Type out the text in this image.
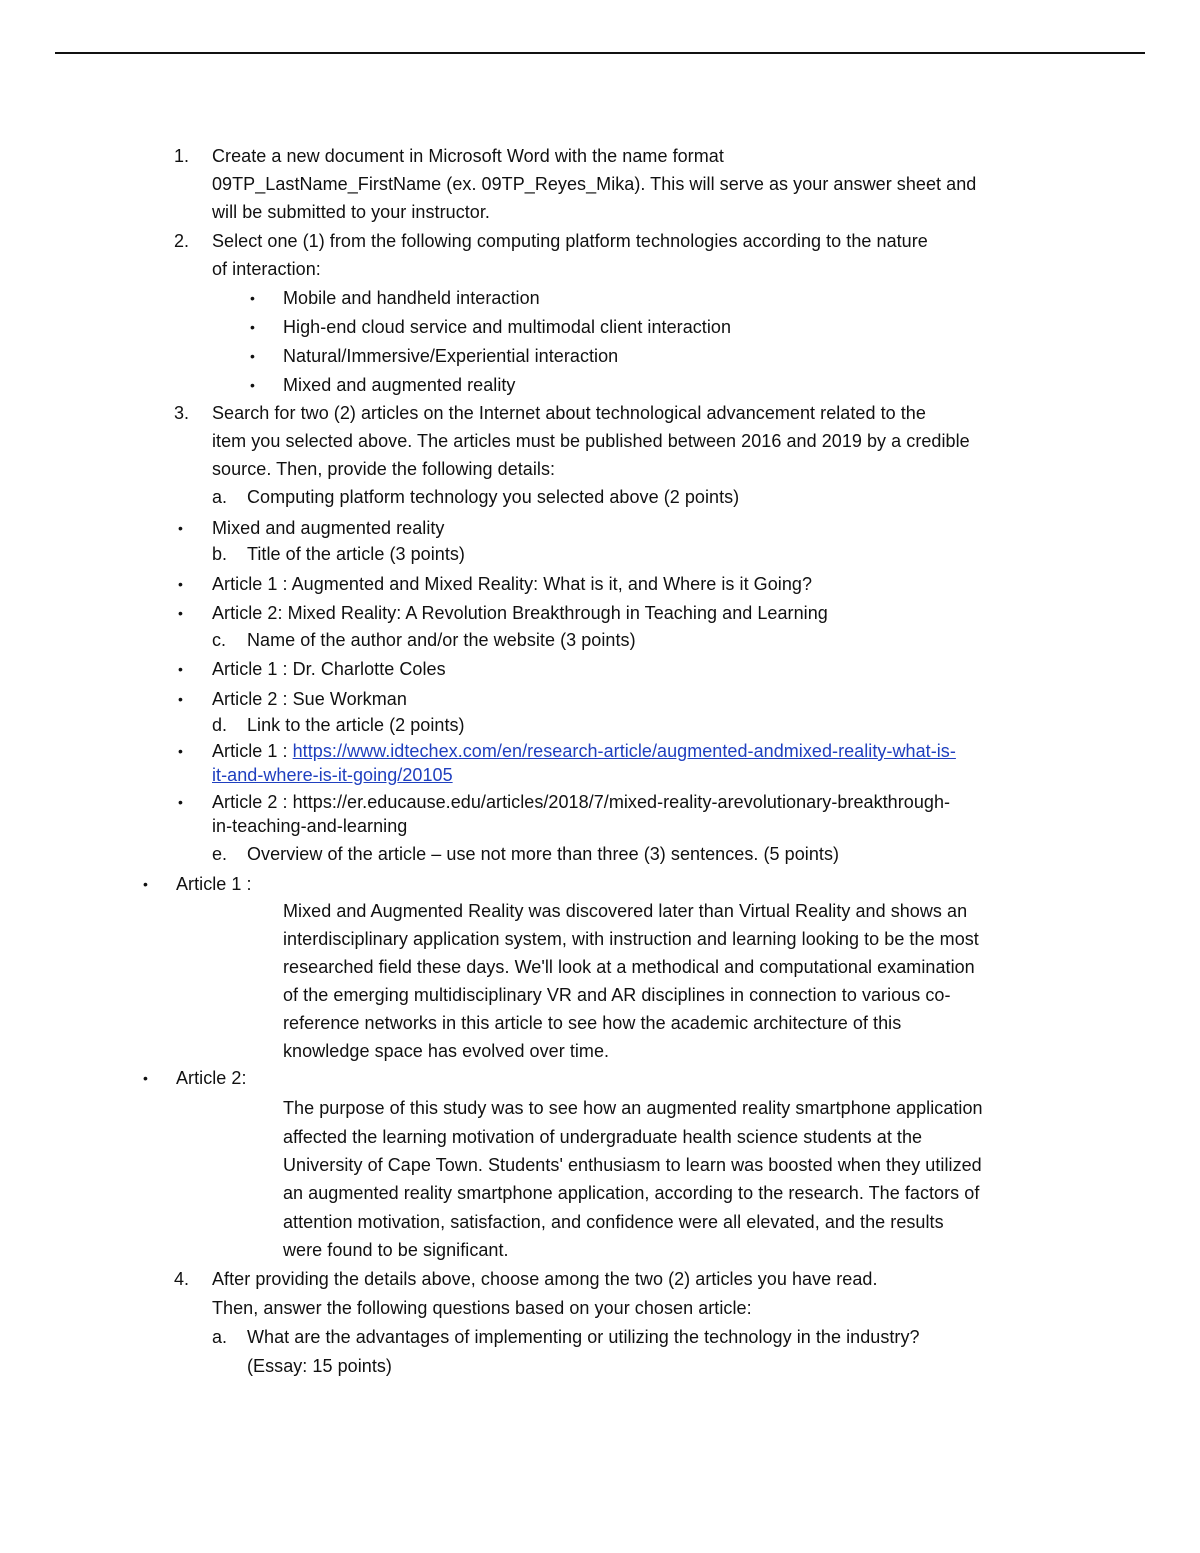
1. Create a new document in Microsoft Word with the name format
09TP_LastName_FirstName (ex. 09TP_Reyes_Mika). This will serve as your answer sheet and
will be submitted to your instructor.
2. Select one (1) from the following computing platform technologies according to the nature
of interaction:
• Mobile and handheld interaction
• High-end cloud service and multimodal client interaction
• Natural/Immersive/Experiential interaction
• Mixed and augmented reality
3. Search for two (2) articles on the Internet about technological advancement related to the
item you selected above. The articles must be published between 2016 and 2019 by a credible
source. Then, provide the following details:
a. Computing platform technology you selected above (2 points)
• Mixed and augmented reality
b. Title of the article (3 points)
• Article 1 : Augmented and Mixed Reality: What is it, and Where is it Going?
• Article 2: Mixed Reality: A Revolution Breakthrough in Teaching and Learning
c. Name of the author and/or the website (3 points)
• Article 1 : Dr. Charlotte Coles
• Article 2 : Sue Workman
d. Link to the article (2 points)
• Article 1 : https://www.idtechex.com/en/research-article/augmented-andmixed-reality-what-is-
it-and-where-is-it-going/20105
• Article 2 : https://er.educause.edu/articles/2018/7/mixed-reality-arevolutionary-breakthrough-
in-teaching-and-learning
e. Overview of the article – use not more than three (3) sentences. (5 points)
• Article 1 :
Mixed and Augmented Reality was discovered later than Virtual Reality and shows an
interdisciplinary application system, with instruction and learning looking to be the most
researched field these days. We'll look at a methodical and computational examination
of the emerging multidisciplinary VR and AR disciplines in connection to various co-
reference networks in this article to see how the academic architecture of this
knowledge space has evolved over time.
• Article 2:
The purpose of this study was to see how an augmented reality smartphone application
affected the learning motivation of undergraduate health science students at the
University of Cape Town. Students' enthusiasm to learn was boosted when they utilized
an augmented reality smartphone application, according to the research. The factors of
attention motivation, satisfaction, and confidence were all elevated, and the results
were found to be significant.
4. After providing the details above, choose among the two (2) articles you have read.
Then, answer the following questions based on your chosen article:
a. What are the advantages of implementing or utilizing the technology in the industry?
(Essay: 15 points)
